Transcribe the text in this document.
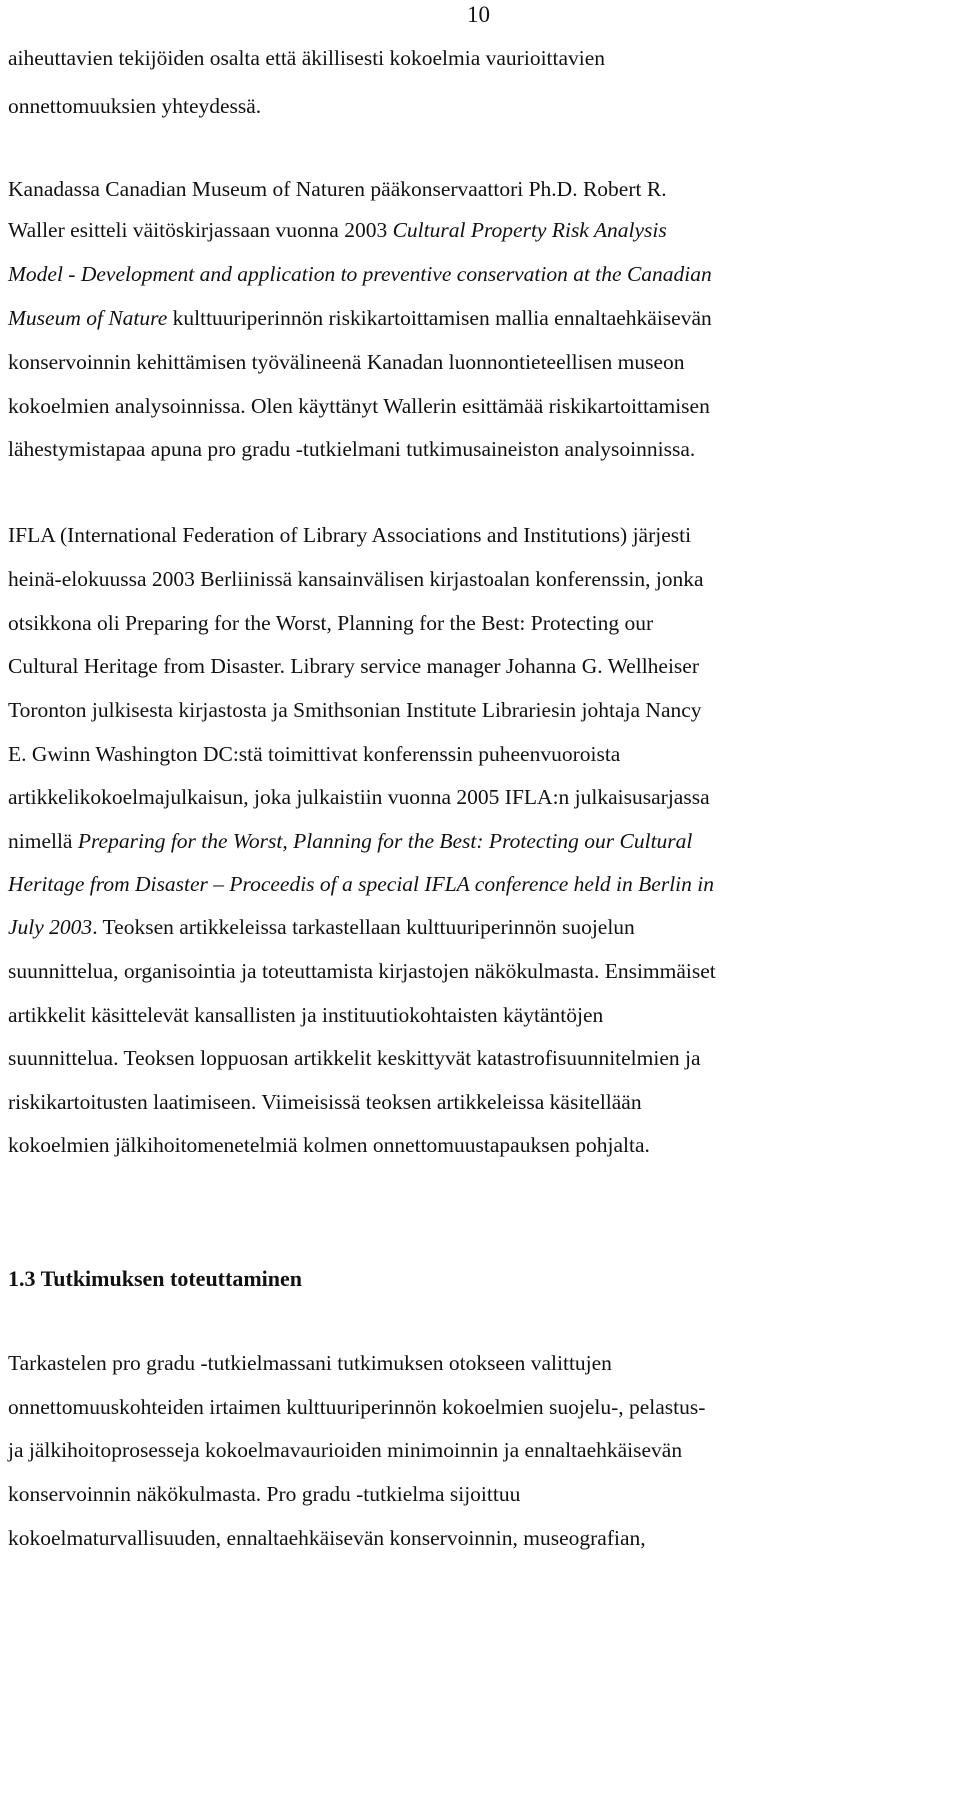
10
aiheuttavien tekijöiden osalta että äkillisesti kokoelmia vaurioittavien
onnettomuuksien yhteydessä.
Kanadassa Canadian Museum of Naturen pääkonservaattori Ph.D. Robert R.
Waller esitteli väitöskirjassaan vuonna 2003 Cultural Property Risk Analysis
Model - Development and application to preventive conservation at the Canadian
Museum of Nature kulttuuriperinnön riskikartoittamisen mallia ennaltaehkäisevän
konservoinnin kehittämisen työvälineenä Kanadan luonnontieteellisen museon
kokoelmien analysoinnissa. Olen käyttänyt Wallerin esittämää riskikartoittamisen
lähestymistapaa apuna pro gradu -tutkielmani tutkimusaineiston analysoinnissa.
IFLA (International Federation of Library Associations and Institutions) järjesti
heinä-elokuussa 2003 Berliinissä kansainvälisen kirjastoalan konferenssin, jonka
otsikkona oli Preparing for the Worst, Planning for the Best: Protecting our
Cultural Heritage from Disaster. Library service manager Johanna G. Wellheiser
Toronton julkisesta kirjastosta ja Smithsonian Institute Librariesin johtaja Nancy
E. Gwinn Washington DC:stä toimittivat konferenssin puheenvuoroista
artikkelikokoelmajulkaisun, joka julkaistiin vuonna 2005 IFLA:n julkaisusarjassa
nimellä Preparing for the Worst, Planning for the Best: Protecting our Cultural
Heritage from Disaster – Proceedis of a special IFLA conference held in Berlin in
July 2003. Teoksen artikkeleissa tarkastellaan kulttuuriperinnön suojelun
suunnittelua, organisointia ja toteuttamista kirjastojen näkökulmasta. Ensimmäiset
artikkelit käsittelevät kansallisten ja instituutiokohtaisten käytäntöjen
suunnittelua. Teoksen loppuosan artikkelit keskittyvät katastrofisuunnitelmien ja
riskikartoitusten laatimiseen. Viimeisissä teoksen artikkeleissa käsitellään
kokoelmien jälkihoitomenetelmiä kolmen onnettomuustapauksen pohjalta.
1.3 Tutkimuksen toteuttaminen
Tarkastelen pro gradu -tutkielmassani tutkimuksen otokseen valittujen
onnettomuuskohteiden irtaimen kulttuuriperinnön kokoelmien suojelu-, pelastus-
ja jälkihoitoprosesseja kokoelmavaurioiden minimoinnin ja ennaltaehkäisevän
konservoinnin näkökulmasta. Pro gradu -tutkielma sijoittuu
kokoelmaturvallisuuden, ennaltaehkäisevän konservoinnin, museografian,
